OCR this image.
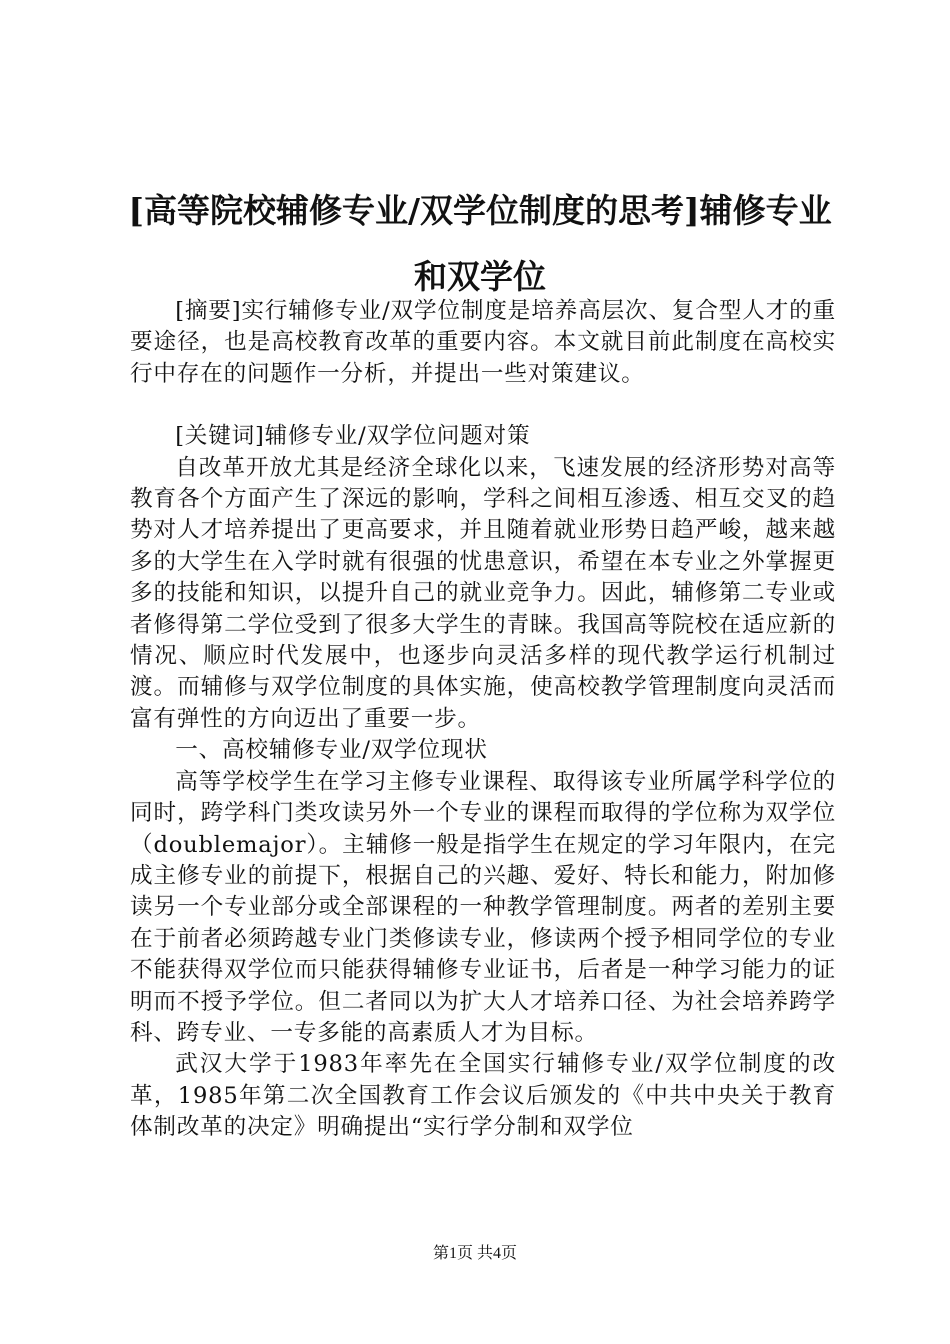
[高等院校辅修专业/双学位制度的思考]辅修专业和双学位

[摘要]实行辅修专业/双学位制度是培养高层次、复合型人才的重要途径，也是高校教育改革的重要内容。本文就目前此制度在高校实行中存在的问题作一分析，并提出一些对策建议。

[关键词]辅修专业/双学位问题对策

自改革开放尤其是经济全球化以来，飞速发展的经济形势对高等教育各个方面产生了深远的影响，学科之间相互渗透、相互交叉的趋势对人才培养提出了更高要求，并且随着就业形势日趋严峻，越来越多的大学生在入学时就有很强的忧患意识，希望在本专业之外掌握更多的技能和知识，以提升自己的就业竞争力。因此，辅修第二专业或者修得第二学位受到了很多大学生的青睐。我国高等院校在适应新的情况、顺应时代发展中，也逐步向灵活多样的现代教学运行机制过渡。而辅修与双学位制度的具体实施，使高校教学管理制度向灵活而富有弹性的方向迈出了重要一步。

一、高校辅修专业/双学位现状

高等学校学生在学习主修专业课程、取得该专业所属学科学位的同时，跨学科门类攻读另外一个专业的课程而取得的学位称为双学位（doublemajor）。主辅修一般是指学生在规定的学习年限内，在完成主修专业的前提下，根据自己的兴趣、爱好、特长和能力，附加修读另一个专业部分或全部课程的一种教学管理制度。两者的差别主要在于前者必须跨越专业门类修读专业，修读两个授予相同学位的专业不能获得双学位而只能获得辅修专业证书，后者是一种学习能力的证明而不授予学位。但二者同以为扩大人才培养口径、为社会培养跨学科、跨专业、一专多能的高素质人才为目标。

武汉大学于1983年率先在全国实行辅修专业/双学位制度的改革，1985年第二次全国教育工作会议后颁发的《中共中央关于教育体制改革的决定》明确提出“实行学分制和双学位

第1页 共4页
